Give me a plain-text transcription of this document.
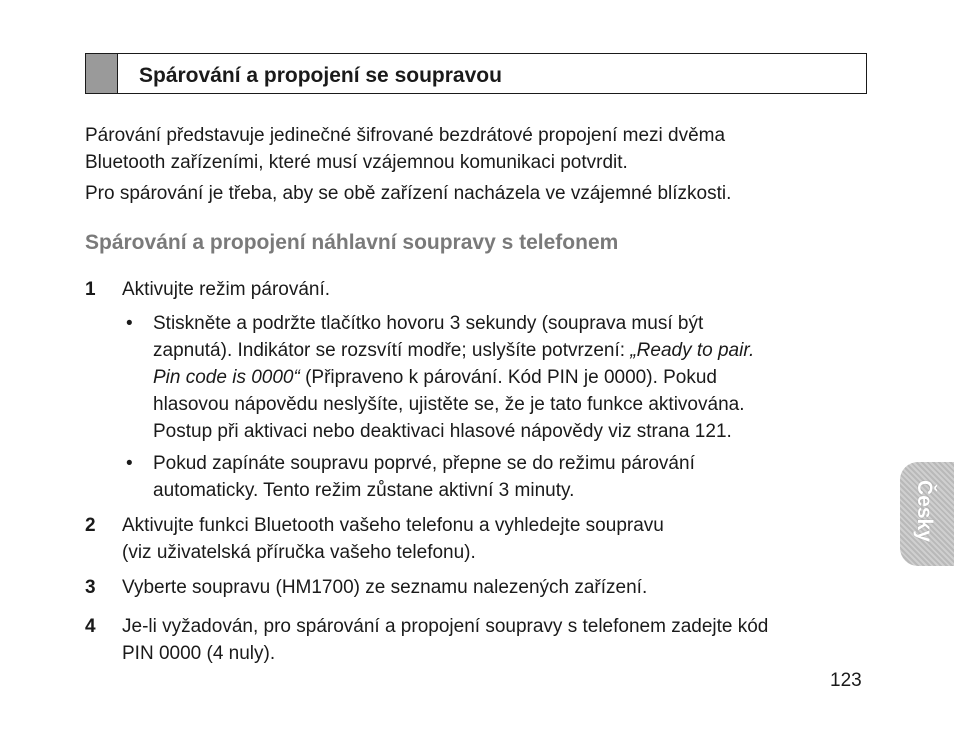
Spárování a propojení se soupravou

Párování představuje jedinečné šifrované bezdrátové propojení mezi dvěma
Bluetooth zařízeními, které musí vzájemnou komunikaci potvrdit.

Pro spárování je třeba, aby se obě zařízení nacházela ve vzájemné blízkosti.

Spárování a propojení náhlavní soupravy s telefonem
1 Aktivujte režim párování.

• Stiskněte a podržte tlačítko hovoru 3 sekundy (souprava musí být
zapnutá). Indikátor se rozsvítí modře; uslyšíte potvrzení: „Ready to pair.
Pin code is 0000“ (Připraveno k párování. Kód PIN je 0000). Pokud
hlasovou nápovědu neslyšíte, ujistěte se, že je tato funkce aktivována.
Postup při aktivaci nebo deaktivaci hlasové nápovědy viz strana 121.

• Pokud zapínáte soupravu poprvé, přepne se do režimu párování
automaticky. Tento režim zůstane aktivní 3 minuty.

2 Aktivujte funkci Bluetooth vašeho telefonu a vyhledejte soupravu
(viz uživatelská příručka vašeho telefonu).

3 Vyberte soupravu (HM1700) ze seznamu nalezených zařízení.

4 Je-li vyžadován, pro spárování a propojení soupravy s telefonem zadejte kód
PIN 0000 (4 nuly).

123
Česky
